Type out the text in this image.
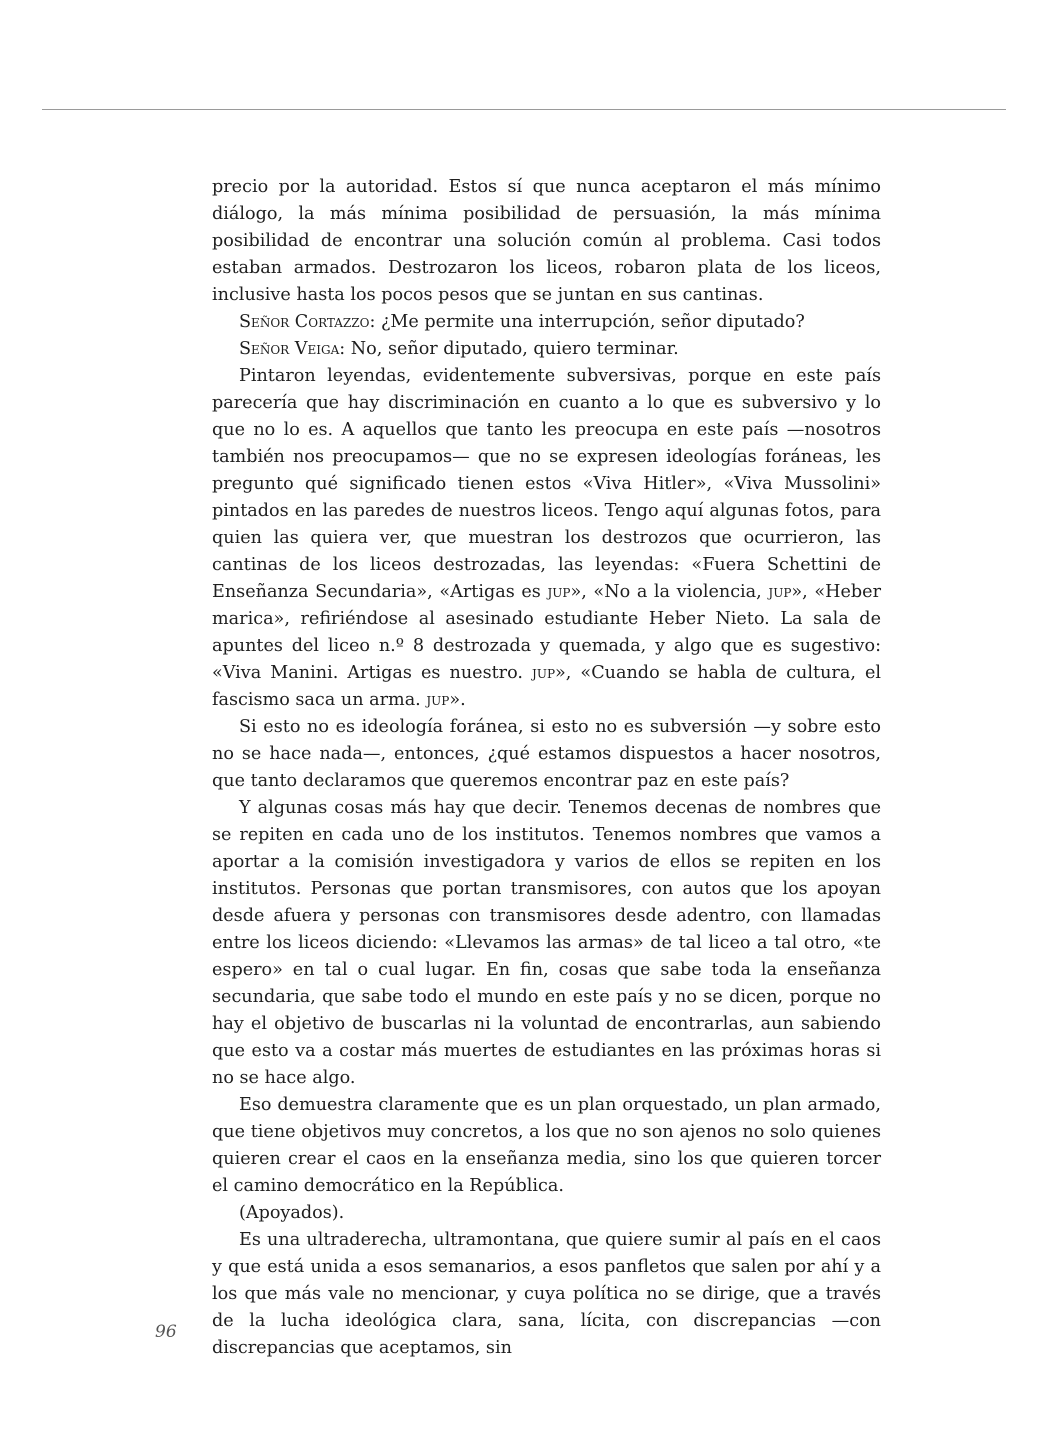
precio por la autoridad. Estos sí que nunca aceptaron el más mínimo diálogo, la más mínima posibilidad de persuasión, la más mínima posibilidad de encontrar una solución común al problema. Casi todos estaban armados. Destrozaron los liceos, robaron plata de los liceos, inclusive hasta los pocos pesos que se juntan en sus cantinas.

Señor Cortazzo: ¿Me permite una interrupción, señor diputado?

Señor Veiga: No, señor diputado, quiero terminar.

Pintaron leyendas, evidentemente subversivas, porque en este país parecería que hay discriminación en cuanto a lo que es subversivo y lo que no lo es. A aquellos que tanto les preocupa en este país —nosotros también nos preocupamos— que no se expresen ideologías foráneas, les pregunto qué significado tienen estos «Viva Hitler», «Viva Mussolini» pintados en las paredes de nuestros liceos. Tengo aquí algunas fotos, para quien las quiera ver, que muestran los destrozos que ocurrieron, las cantinas de los liceos destrozadas, las leyendas: «Fuera Schettini de Enseñanza Secundaria», «Artigas es jup», «No a la violencia, jup», «Heber marica», refiriéndose al asesinado estudiante Heber Nieto. La sala de apuntes del liceo n.º 8 destrozada y quemada, y algo que es sugestivo: «Viva Manini. Artigas es nuestro. jup», «Cuando se habla de cultura, el fascismo saca un arma. jup».

Si esto no es ideología foránea, si esto no es subversión —y sobre esto no se hace nada—, entonces, ¿qué estamos dispuestos a hacer nosotros, que tanto declaramos que queremos encontrar paz en este país?

Y algunas cosas más hay que decir. Tenemos decenas de nombres que se repiten en cada uno de los institutos. Tenemos nombres que vamos a aportar a la comisión investigadora y varios de ellos se repiten en los institutos. Personas que portan transmisores, con autos que los apoyan desde afuera y personas con transmisores desde adentro, con llamadas entre los liceos diciendo: «Llevamos las armas» de tal liceo a tal otro, «te espero» en tal o cual lugar. En fin, cosas que sabe toda la enseñanza secundaria, que sabe todo el mundo en este país y no se dicen, porque no hay el objetivo de buscarlas ni la voluntad de encontrarlas, aun sabiendo que esto va a costar más muertes de estudiantes en las próximas horas si no se hace algo.

Eso demuestra claramente que es un plan orquestado, un plan armado, que tiene objetivos muy concretos, a los que no son ajenos no solo quienes quieren crear el caos en la enseñanza media, sino los que quieren torcer el camino democrático en la República.

(Apoyados).

Es una ultraderecha, ultramontana, que quiere sumir al país en el caos y que está unida a esos semanarios, a esos panfletos que salen por ahí y a los que más vale no mencionar, y cuya política no se dirige, que a través de la lucha ideológica clara, sana, lícita, con discrepancias —con discrepancias que aceptamos, sin

96
